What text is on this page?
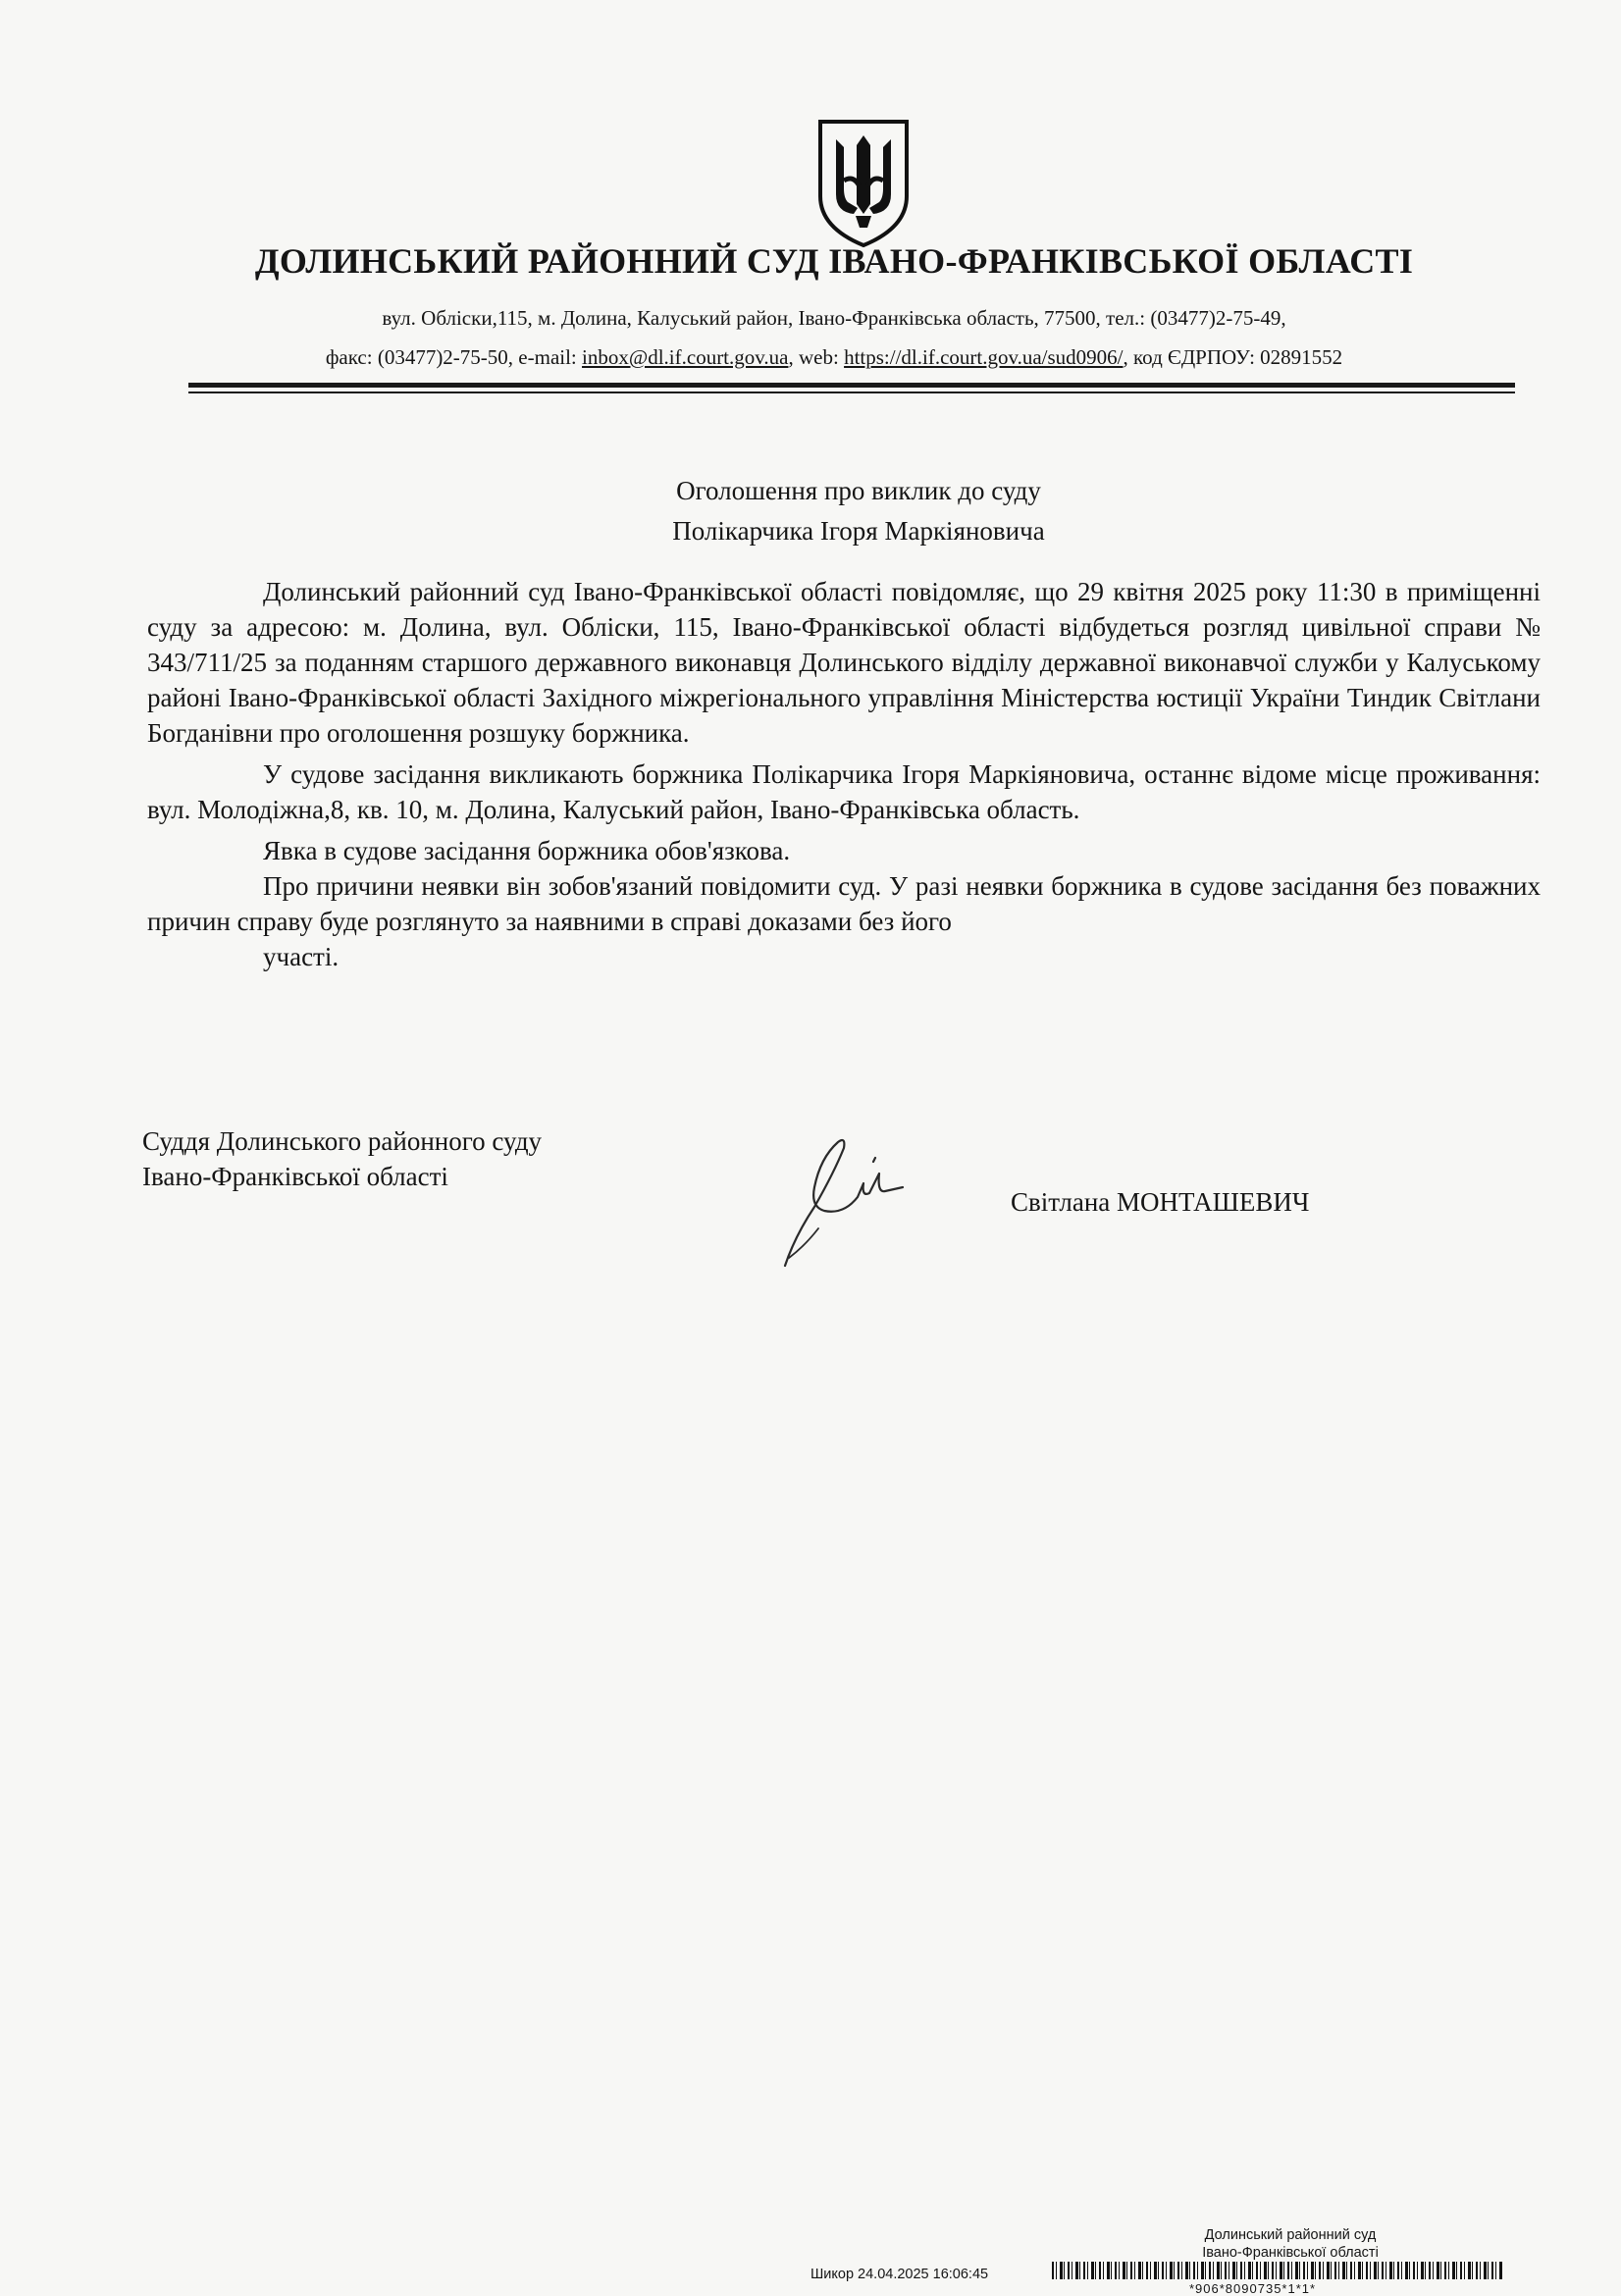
ДОЛИНСЬКИЙ РАЙОННИЙ СУД ІВАНО-ФРАНКІВСЬКОЇ ОБЛАСТІ
вул. Обліски,115, м. Долина, Калуський район, Івано-Франківська область, 77500, тел.: (03477)2-75-49,
факс: (03477)2-75-50, e-mail: inbox@dl.if.court.gov.ua, web: https://dl.if.court.gov.ua/sud0906/, код ЄДРПОУ: 02891552
Оголошення про виклик до суду
Полікарчика Ігоря Маркіяновича

Долинський районний суд Івано-Франківської області повідомляє, що 29 квітня 2025 року 11:30 в приміщенні суду за адресою: м. Долина, вул. Обліски, 115, Івано-Франківської області відбудеться розгляд цивільної справи № 343/711/25 за поданням старшого державного виконавця Долинського відділу державної виконавчої служби у Калуському районі Івано-Франківської області Західного міжрегіонального управління Міністерства юстиції України Тиндик Світлани Богданівни про оголошення розшуку боржника.

У судове засідання викликають боржника Полікарчика Ігоря Маркіяновича, останнє відоме місце проживання: вул. Молодіжна,8, кв. 10, м. Долина, Калуський район, Івано-Франківська область.

Явка в судове засідання боржника обов'язкова.

Про причини неявки він зобов'язаний повідомити суд. У разі неявки боржника в судове засідання без поважних причин справу буде розглянуто за наявними в справі доказами без його

участі.

Суддя Долинського районного суду
Івано-Франківської області
Світлана МОНТАШЕВИЧ
Долинський районний суд
Івано-Франківської області
Шикор 24.04.2025 16:06:45
*906*8090735*1*1*
